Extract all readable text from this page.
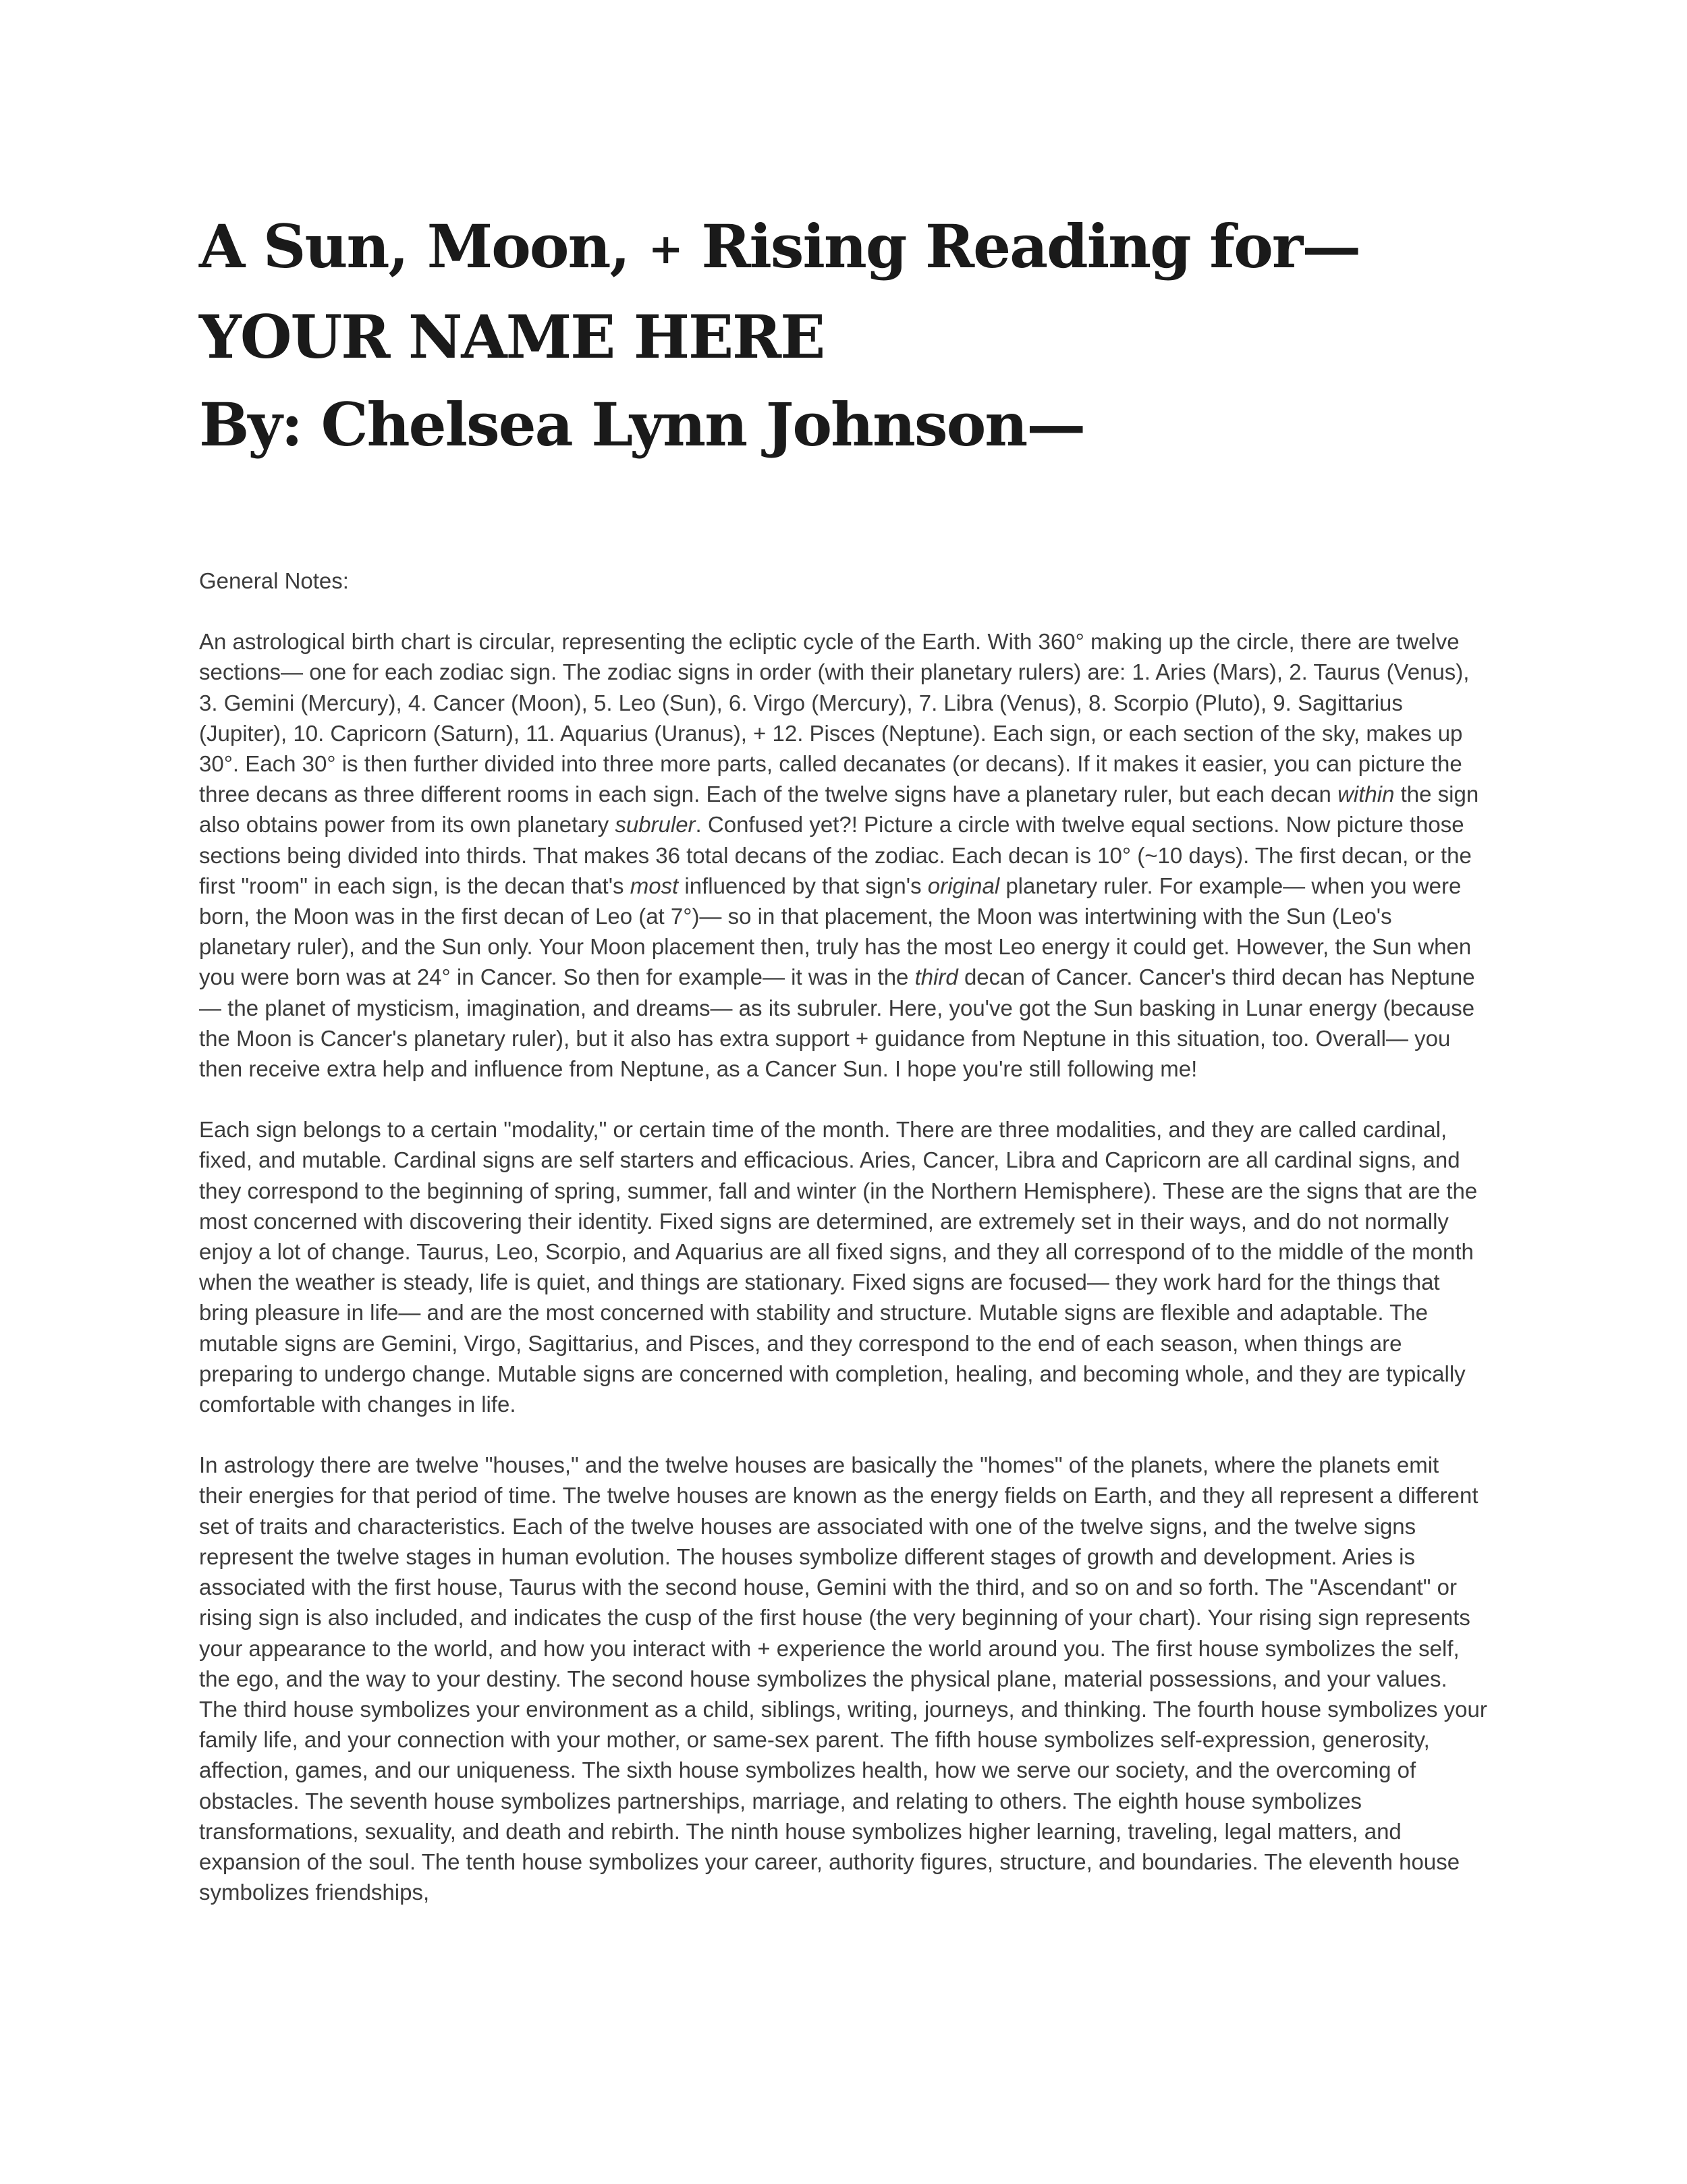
A Sun, Moon, + Rising Reading for—
YOUR NAME HERE
By: Chelsea Lynn Johnson—

General Notes:

An astrological birth chart is circular, representing the ecliptic cycle of the Earth. With 360° making up the circle, there are twelve sections— one for each zodiac sign. The zodiac signs in order (with their planetary rulers) are: 1. Aries (Mars), 2. Taurus (Venus), 3. Gemini (Mercury), 4. Cancer (Moon), 5. Leo (Sun), 6. Virgo (Mercury), 7. Libra (Venus), 8. Scorpio (Pluto), 9. Sagittarius (Jupiter), 10. Capricorn (Saturn), 11. Aquarius (Uranus), + 12. Pisces (Neptune). Each sign, or each section of the sky, makes up 30°. Each 30° is then further divided into three more parts, called decanates (or decans). If it makes it easier, you can picture the three decans as three different rooms in each sign. Each of the twelve signs have a planetary ruler, but each decan within the sign also obtains power from its own planetary subruler. Confused yet?! Picture a circle with twelve equal sections. Now picture those sections being divided into thirds. That makes 36 total decans of the zodiac. Each decan is 10° (~10 days). The first decan, or the first "room" in each sign, is the decan that's most influenced by that sign's original planetary ruler. For example— when you were born, the Moon was in the first decan of Leo (at 7°)— so in that placement, the Moon was intertwining with the Sun (Leo's planetary ruler), and the Sun only. Your Moon placement then, truly has the most Leo energy it could get. However, the Sun when you were born was at 24° in Cancer. So then for example— it was in the third decan of Cancer. Cancer's third decan has Neptune— the planet of mysticism, imagination, and dreams— as its subruler. Here, you've got the Sun basking in Lunar energy (because the Moon is Cancer's planetary ruler), but it also has extra support + guidance from Neptune in this situation, too. Overall— you then receive extra help and influence from Neptune, as a Cancer Sun. I hope you're still following me!

Each sign belongs to a certain "modality," or certain time of the month. There are three modalities, and they are called cardinal, fixed, and mutable. Cardinal signs are self starters and efficacious. Aries, Cancer, Libra and Capricorn are all cardinal signs, and they correspond to the beginning of spring, summer, fall and winter (in the Northern Hemisphere). These are the signs that are the most concerned with discovering their identity. Fixed signs are determined, are extremely set in their ways, and do not normally enjoy a lot of change. Taurus, Leo, Scorpio, and Aquarius are all fixed signs, and they all correspond of to the middle of the month when the weather is steady, life is quiet, and things are stationary. Fixed signs are focused— they work hard for the things that bring pleasure in life— and are the most concerned with stability and structure. Mutable signs are flexible and adaptable. The mutable signs are Gemini, Virgo, Sagittarius, and Pisces, and they correspond to the end of each season, when things are preparing to undergo change. Mutable signs are concerned with completion, healing, and becoming whole, and they are typically comfortable with changes in life.

In astrology there are twelve "houses," and the twelve houses are basically the "homes" of the planets, where the planets emit their energies for that period of time. The twelve houses are known as the energy fields on Earth, and they all represent a different set of traits and characteristics. Each of the twelve houses are associated with one of the twelve signs, and the twelve signs represent the twelve stages in human evolution. The houses symbolize different stages of growth and development. Aries is associated with the first house, Taurus with the second house, Gemini with the third, and so on and so forth. The "Ascendant" or rising sign is also included, and indicates the cusp of the first house (the very beginning of your chart). Your rising sign represents your appearance to the world, and how you interact with + experience the world around you. The first house symbolizes the self, the ego, and the way to your destiny. The second house symbolizes the physical plane, material possessions, and your values. The third house symbolizes your environment as a child, siblings, writing, journeys, and thinking. The fourth house symbolizes your family life, and your connection with your mother, or same-sex parent. The fifth house symbolizes self-expression, generosity, affection, games, and our uniqueness. The sixth house symbolizes health, how we serve our society, and the overcoming of obstacles. The seventh house symbolizes partnerships, marriage, and relating to others. The eighth house symbolizes transformations, sexuality, and death and rebirth. The ninth house symbolizes higher learning, traveling, legal matters, and expansion of the soul. The tenth house symbolizes your career, authority figures, structure, and boundaries. The eleventh house symbolizes friendships,
